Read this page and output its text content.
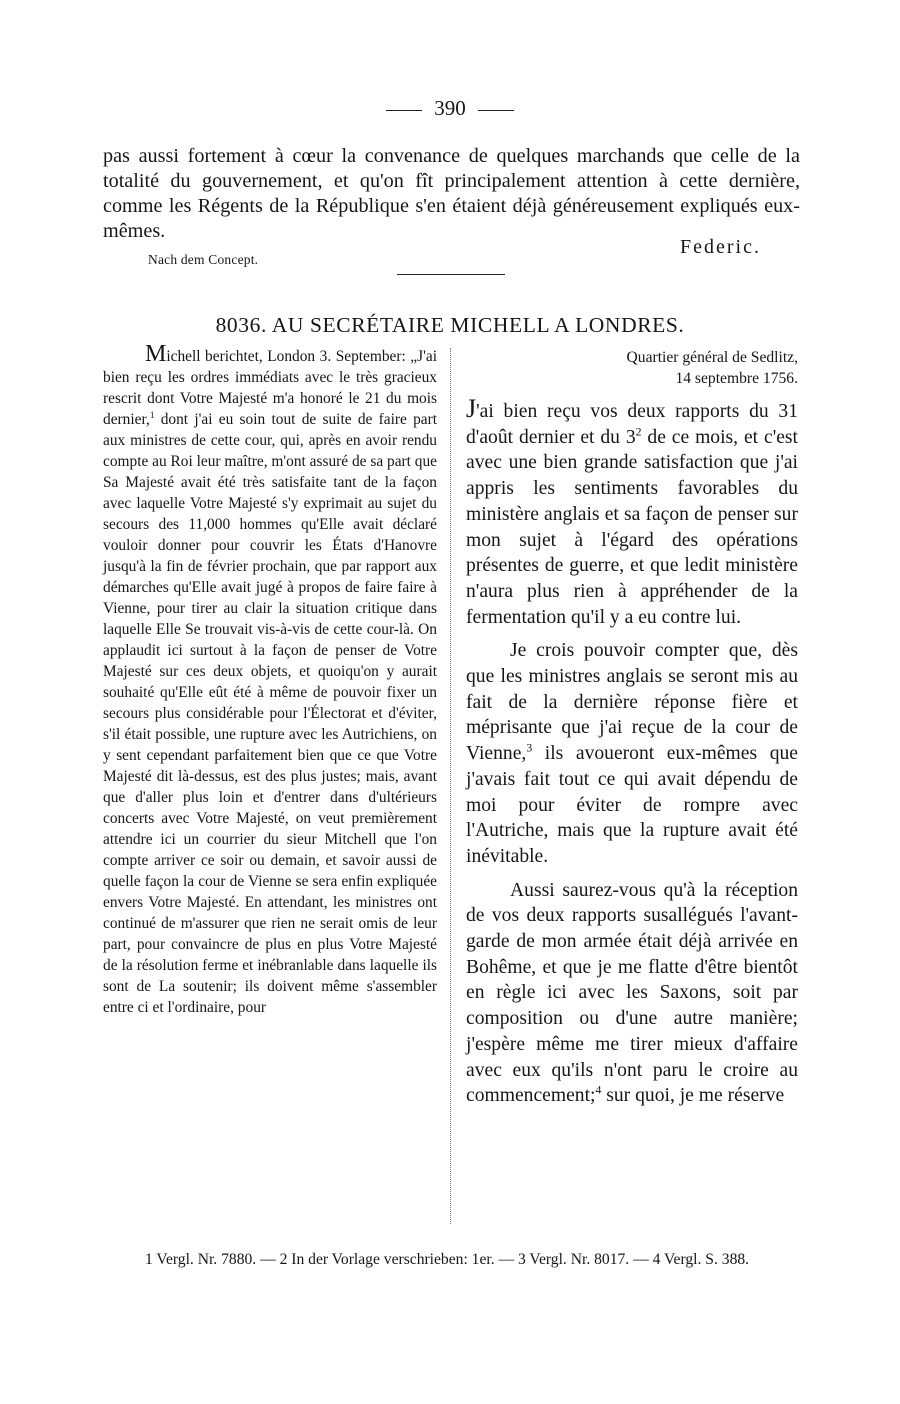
390

pas aussi fortement à cœur la convenance de quelques marchands que celle de la totalité du gouvernement, et qu'on fît principalement attention à cette dernière, comme les Régents de la République s'en étaient déjà généreusement expliqués eux-mêmes.

Federic.
Nach dem Concept.
8036. AU SECRÉTAIRE MICHELL A LONDRES.

Michell berichtet, London 3. September: „J'ai bien reçu les ordres immédiats avec le très gracieux rescrit dont Votre Majesté m'a honoré le 21 du mois dernier,$^1$ dont j'ai eu soin tout de suite de faire part aux ministres de cette cour, qui, après en avoir rendu compte au Roi leur maître, m'ont assuré de sa part que Sa Majesté avait été très satisfaite tant de la façon avec laquelle Votre Majesté s'y exprimait au sujet du secours des 11,000 hommes qu'Elle avait déclaré vouloir donner pour couvrir les États d'Hanovre jusqu'à la fin de février prochain, que par rapport aux démarches qu'Elle avait jugé à propos de faire faire à Vienne, pour tirer au clair la situation critique dans laquelle Elle Se trouvait vis-à-vis de cette cour-là. On applaudit ici surtout à la façon de penser de Votre Majesté sur ces deux objets, et quoiqu'on y aurait souhaité qu'Elle eût été à même de pouvoir fixer un secours plus considérable pour l'Électorat et d'éviter, s'il était possible, une rupture avec les Autrichiens, on y sent cependant parfaitement bien que ce que Votre Majesté dit là-dessus, est des plus justes; mais, avant que d'aller plus loin et d'entrer dans d'ultérieurs concerts avec Votre Majesté, on veut premièrement attendre ici un courrier du sieur Mitchell que l'on compte arriver ce soir ou demain, et savoir aussi de quelle façon la cour de Vienne se sera enfin expliquée envers Votre Majesté. En attendant, les ministres ont continué de m'assurer que rien ne serait omis de leur part, pour convaincre de plus en plus Votre Majesté de la résolution ferme et inébranlable dans laquelle ils sont de La soutenir; ils doivent même s'assembler entre ci et l'ordinaire, pour

Quartier général de Sedlitz,
14 septembre 1756.

J'ai bien reçu vos deux rapports du 31 d'août dernier et du $3^2$ de ce mois, et c'est avec une bien grande satisfaction que j'ai appris les sentiments favorables du ministère anglais et sa façon de penser sur mon sujet à l'égard des opérations présentes de guerre, et que ledit ministère n'aura plus rien à appréhender de la fermentation qu'il y a eu contre lui.

Je crois pouvoir compter que, dès que les ministres anglais se seront mis au fait de la dernière réponse fière et méprisante que j'ai reçue de la cour de Vienne,$^3$ ils avoueront eux-mêmes que j'avais fait tout ce qui avait dépendu de moi pour éviter de rompre avec l'Autriche, mais que la rupture avait été inévitable.

Aussi saurez-vous qu'à la réception de vos deux rapports susallégués l'avant-garde de mon armée était déjà arrivée en Bohême, et que je me flatte d'être bientôt en règle ici avec les Saxons, soit par composition ou d'une autre manière; j'espère même me tirer mieux d'affaire avec eux qu'ils n'ont paru le croire au commencement;$^4$ sur quoi, je me réserve

1 Vergl. Nr. 7880. — 2 In der Vorlage verschrieben: 1er. — 3 Vergl. Nr. 8017. — 4 Vergl. S. 388.
